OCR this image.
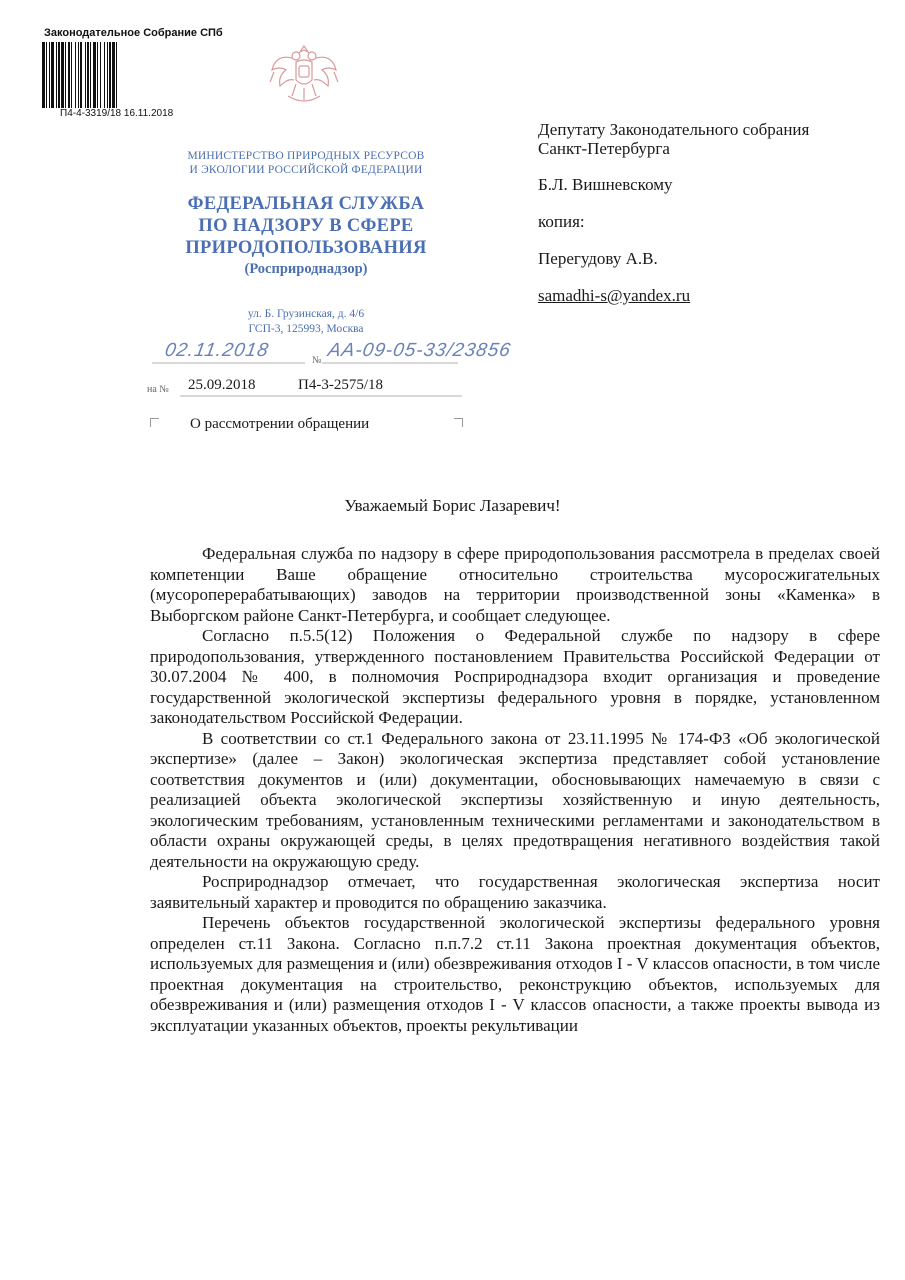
Законодательное Собрание СПб
П4-4-3319/18 16.11.2018
МИНИСТЕРСТВО ПРИРОДНЫХ РЕСУРСОВ
И ЭКОЛОГИИ РОССИЙСКОЙ ФЕДЕРАЦИИ
ФЕДЕРАЛЬНАЯ СЛУЖБА
ПО НАДЗОРУ В СФЕРЕ
ПРИРОДОПОЛЬЗОВАНИЯ
(Росприроднадзор)
ул. Б. Грузинская, д. 4/6
ГСП-3, 125993, Москва
02.11.2018	№ АА-09-05-33/23856
на № 25.09.2018	П4-3-2575/18
О рассмотрении обращении
Депутату Законодательного собрания
Санкт-Петербурга
Б.Л. Вишневскому
копия:
Перегудову А.В.
samadhi-s@yandex.ru
Уважаемый Борис Лазаревич!

Федеральная служба по надзору в сфере природопользования рассмотрела в пределах своей компетенции Ваше обращение относительно строительства мусоросжигательных (мусороперерабатывающих) заводов на территории производственной зоны «Каменка» в Выборгском районе Санкт-Петербурга, и сообщает следующее.

Согласно п.5.5(12) Положения о Федеральной службе по надзору в сфере природопользования, утвержденного постановлением Правительства Российской Федерации от 30.07.2004 № 400, в полномочия Росприроднадзора входит организация и проведение государственной экологической экспертизы федерального уровня в порядке, установленном законодательством Российской Федерации.

В соответствии со ст.1 Федерального закона от 23.11.1995 № 174-ФЗ «Об экологической экспертизе» (далее – Закон) экологическая экспертиза представляет собой установление соответствия документов и (или) документации, обосновывающих намечаемую в связи с реализацией объекта экологической экспертизы хозяйственную и иную деятельность, экологическим требованиям, установленным техническими регламентами и законодательством в области охраны окружающей среды, в целях предотвращения негативного воздействия такой деятельности на окружающую среду.

Росприроднадзор отмечает, что государственная экологическая экспертиза носит заявительный характер и проводится по обращению заказчика.

Перечень объектов государственной экологической экспертизы федерального уровня определен ст.11 Закона. Согласно п.п.7.2 ст.11 Закона проектная документация объектов, используемых для размещения и (или) обезвреживания отходов I - V классов опасности, в том числе проектная документация на строительство, реконструкцию объектов, используемых для обезвреживания и (или) размещения отходов I - V классов опасности, а также проекты вывода из эксплуатации указанных объектов, проекты рекультивации
